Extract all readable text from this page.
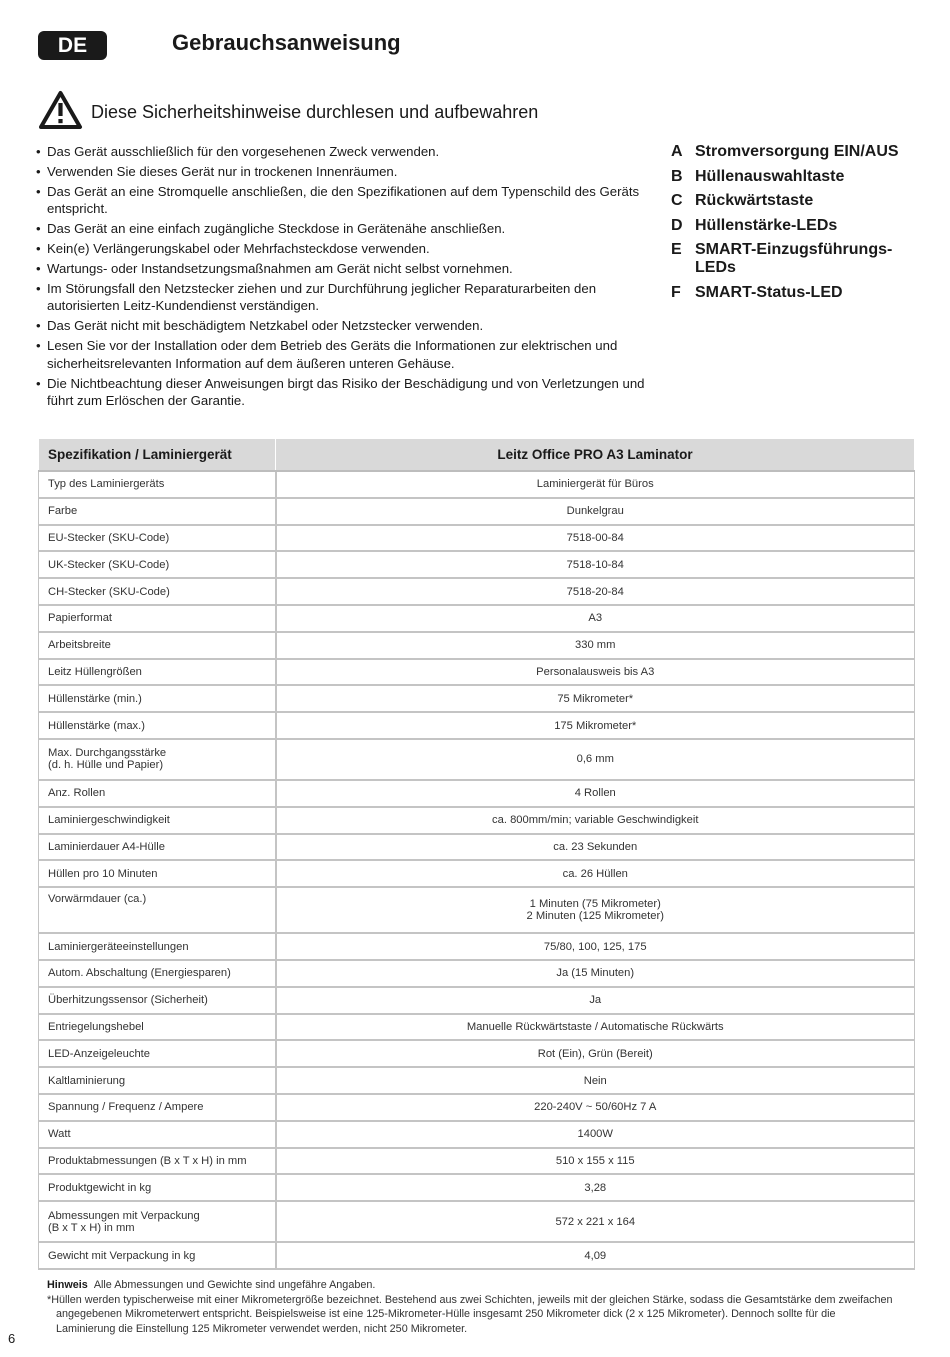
DE	Gebrauchsanweisung
Diese Sicherheitshinweise durchlesen und aufbewahren
• Das Gerät ausschließlich für den vorgesehenen Zweck verwenden.
• Verwenden Sie dieses Gerät nur in trockenen Innenräumen.
• Das Gerät an eine Stromquelle anschließen, die den Spezifikationen auf dem Typenschild des Geräts entspricht.
• Das Gerät an eine einfach zugängliche Steckdose in Gerätenähe anschließen.
• Kein(e) Verlängerungskabel oder Mehrfachsteckdose verwenden.
• Wartungs- oder Instandsetzungsmaßnahmen am Gerät nicht selbst vornehmen.
• Im Störungsfall den Netzstecker ziehen und zur Durchführung jeglicher Reparaturarbeiten den autorisierten Leitz-Kundendienst verständigen.
• Das Gerät nicht mit beschädigtem Netzkabel oder Netzstecker verwenden.
• Lesen Sie vor der Installation oder dem Betrieb des Geräts die Informationen zur elektrischen und sicherheitsrelevanten Information auf dem äußeren unteren Gehäuse.
• Die Nichtbeachtung dieser Anweisungen birgt das Risiko der Beschädigung und von Verletzungen und führt zum Erlöschen der Garantie.
A Stromversorgung EIN/AUS
B Hüllenauswahltaste
C Rückwärtstaste
D Hüllenstärke-LEDs
E SMART-Einzugsführungs-LEDs
F SMART-Status-LED
Spezifikation / Laminiergerät	Leitz Office PRO A3 Laminator

Typ des Laminiergeräts	Laminiergerät für Büros

Farbe	Dunkelgrau

EU-Stecker (SKU-Code)	7518-00-84

UK-Stecker (SKU-Code)	7518-10-84

CH-Stecker (SKU-Code)	7518-20-84

Papierformat	A3

Arbeitsbreite	330 mm

Leitz Hüllengrößen	Personalausweis bis A3

Hüllenstärke (min.)	75 Mikrometer*

Hüllenstärke (max.)	175 Mikrometer*

Max. Durchgangsstärke
(d. h. Hülle und Papier)	0,6 mm

Anz. Rollen	4 Rollen

Laminiergeschwindigkeit	ca. 800mm/min; variable Geschwindigkeit

Laminierdauer A4-Hülle	ca. 23 Sekunden

Hüllen pro 10 Minuten	ca. 26 Hüllen

Vorwärmdauer (ca.)	1 Minuten (75 Mikrometer)
2 Minuten (125 Mikrometer)

Laminiergeräteeinstellungen	75/80, 100, 125, 175

Autom. Abschaltung (Energiesparen)	Ja (15 Minuten)

Überhitzungssensor (Sicherheit)	Ja

Entriegelungshebel	Manuelle Rückwärtstaste / Automatische Rückwärts

LED-Anzeigeleuchte	Rot (Ein), Grün (Bereit)

Kaltlaminierung	Nein

Spannung / Frequenz / Ampere	220-240V ~ 50/60Hz 7 A

Watt	1400W

Produktabmessungen (B x T x H) in mm	510 x 155 x 115

Produktgewicht in kg	3,28

Abmessungen mit Verpackung
(B x T x H) in mm	572 x 221 x 164

Gewicht mit Verpackung in kg	4,09

Hinweis Alle Abmessungen und Gewichte sind ungefähre Angaben.

*Hüllen werden typischerweise mit einer Mikrometergröße bezeichnet. Bestehend aus zwei Schichten, jeweils mit der gleichen Stärke, sodass die Gesamtstärke dem zweifachen angegebenen Mikrometerwert entspricht. Beispielsweise ist eine 125-Mikrometer-Hülle insgesamt 250 Mikrometer dick (2 x 125 Mikrometer). Dennoch sollte für die Laminierung die Einstellung 125 Mikrometer verwendet werden, nicht 250 Mikrometer.

6
